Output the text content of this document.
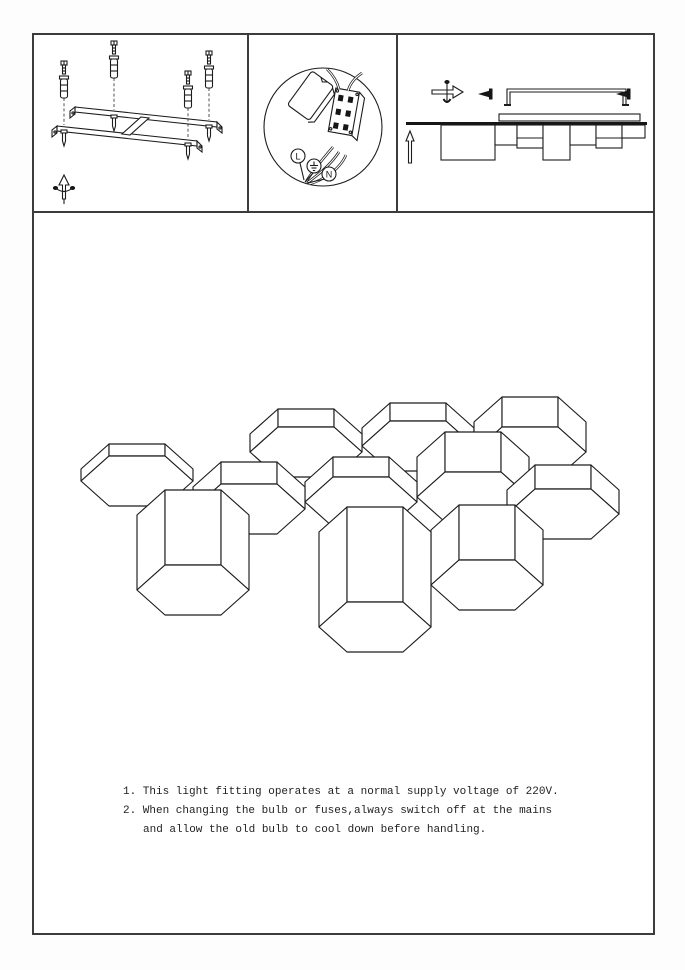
L
N
1. This light fitting operates at a normal supply voltage of 220V.
2. When changing the bulb or fuses,always switch off at the mains
and allow the old bulb to cool down before handling.
